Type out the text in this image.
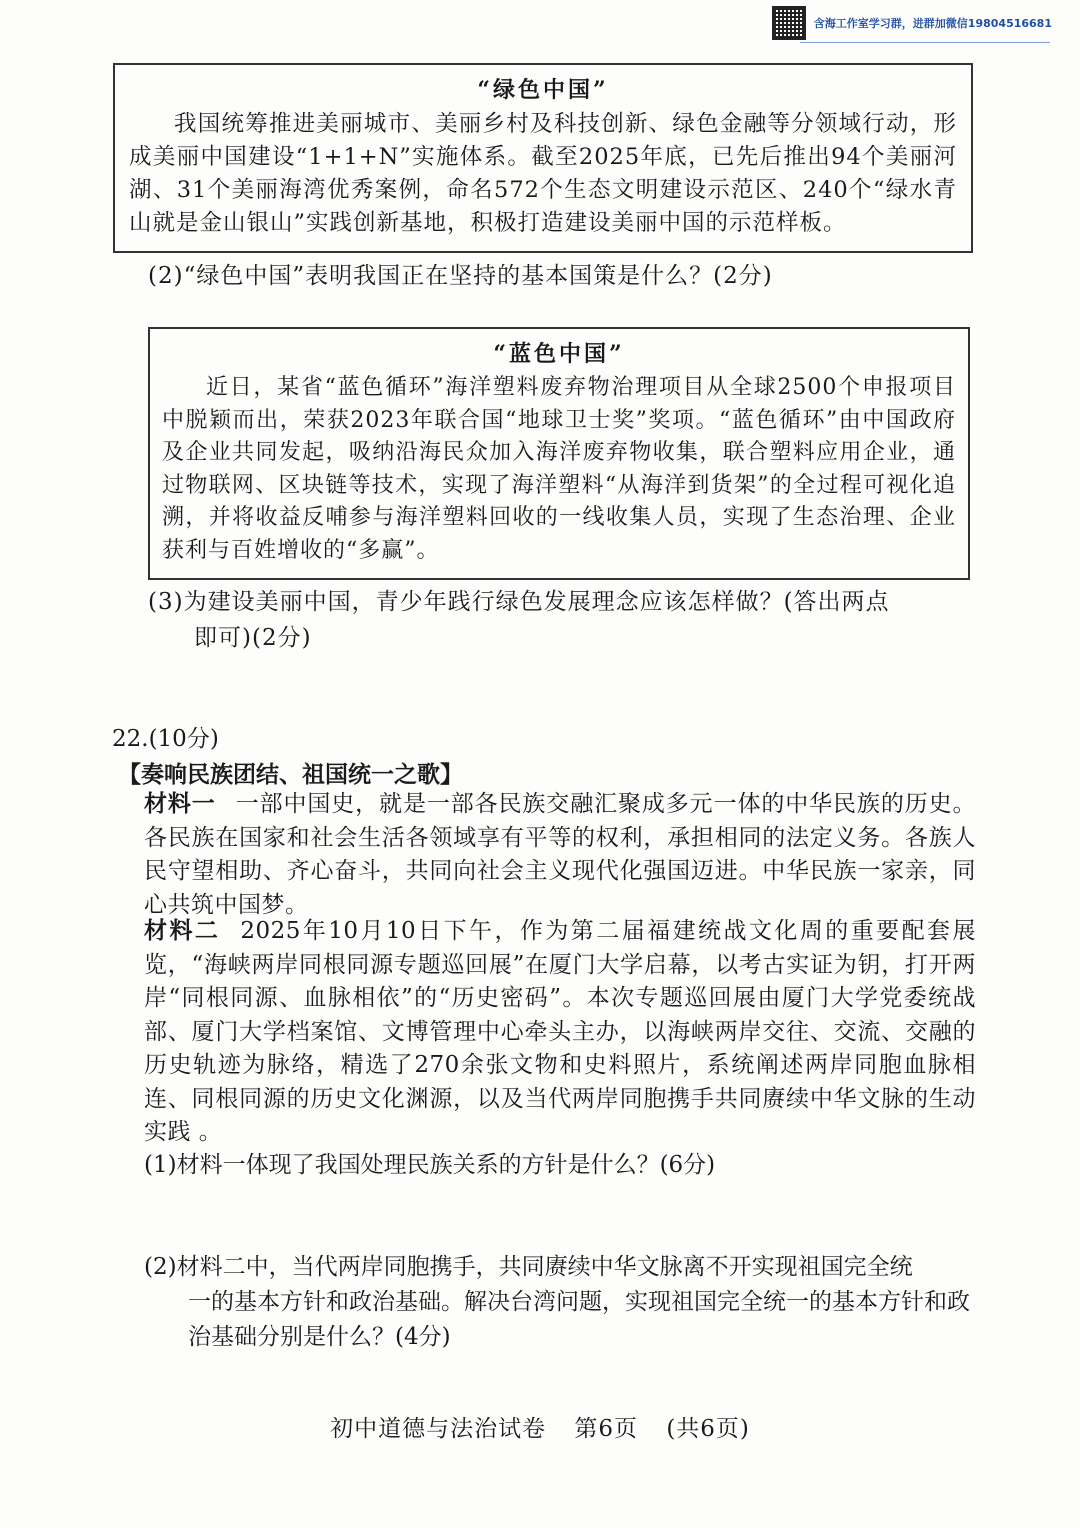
含海工作室学习群，进群加微信19804516681
“绿色中国”

我国统筹推进美丽城市、美丽乡村及科技创新、绿色金融等分领域行动，形成美丽中国建设“1+1+N”实施体系。截至2025年底，已先后推出94个美丽河湖、31个美丽海湾优秀案例，命名572个生态文明建设示范区、240个“绿水青山就是金山银山”实践创新基地，积极打造建设美丽中国的示范样板。

(2)“绿色中国”表明我国正在坚持的基本国策是什么？(2分)
“蓝色中国”

近日，某省“蓝色循环”海洋塑料废弃物治理项目从全球2500个申报项目中脱颖而出，荣获2023年联合国“地球卫士奖”奖项。“蓝色循环”由中国政府及企业共同发起，吸纳沿海民众加入海洋废弃物收集，联合塑料应用企业，通过物联网、区块链等技术，实现了海洋塑料“从海洋到货架”的全过程可视化追溯，并将收益反哺参与海洋塑料回收的一线收集人员，实现了生态治理、企业获利与百姓增收的“多赢”。

(3)为建设美丽中国，青少年践行绿色发展理念应该怎样做？(答出两点
即可)(2分)
22.(10分)
【奏响民族团结、祖国统一之歌】
材料一 一部中国史，就是一部各民族交融汇聚成多元一体的中华民族的历史。各民族在国家和社会生活各领域享有平等的权利，承担相同的法定义务。各族人民守望相助、齐心奋斗，共同向社会主义现代化强国迈进。中华民族一家亲，同心共筑中国梦。
材料二 2025年10月10日下午，作为第二届福建统战文化周的重要配套展览，“海峡两岸同根同源专题巡回展”在厦门大学启幕，以考古实证为钥，打开两岸“同根同源、血脉相依”的“历史密码”。本次专题巡回展由厦门大学党委统战部、厦门大学档案馆、文博管理中心牵头主办，以海峡两岸交往、交流、交融的历史轨迹为脉络，精选了270余张文物和史料照片，系统阐述两岸同胞血脉相连、同根同源的历史文化渊源，以及当代两岸同胞携手共同赓续中华文脉的生动实践 。
(1)材料一体现了我国处理民族关系的方针是什么？(6分)
(2)材料二中，当代两岸同胞携手，共同赓续中华文脉离不开实现祖国完全统
一的基本方针和政治基础。解决台湾问题，实现祖国完全统一的基本方针和政治基础分别是什么？(4分)
初中道德与法治试卷 第6页 (共6页)
